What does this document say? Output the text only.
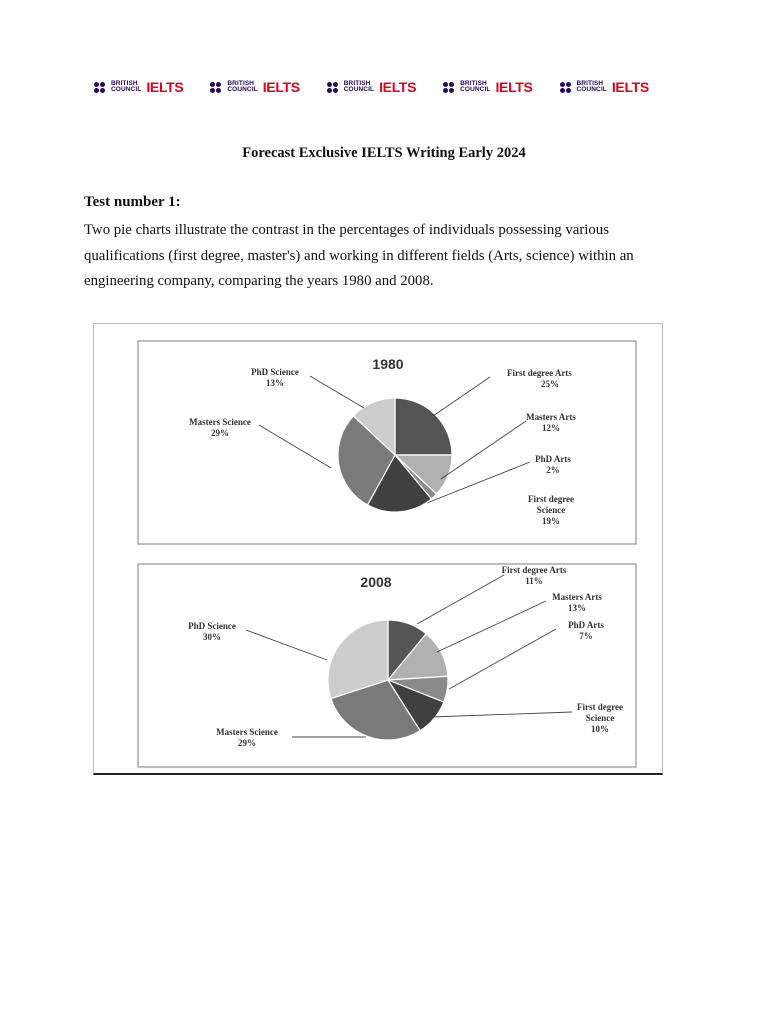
BRITISH
COUNCIL IELTS	BRITISH
COUNCIL IELTS	BRITISH
COUNCIL IELTS	BRITISH
COUNCIL IELTS	BRITISH
COUNCIL IELTS
Forecast Exclusive IELTS Writing Early 2024
Test number 1:

Two pie charts illustrate the contrast in the percentages of individuals possessing various qualifications (first degree, master's) and working in different fields (Arts, science) within an engineering company, comparing the years 1980 and 2008.

1980
First degree Arts 25%
Masters Arts 12%
PhD Arts 2%
First degree Science 19%
Masters Science 29%
PhD Science 13%
2008
First degree Arts 11%
Masters Arts 13%
PhD Arts 7%
First degree Science 10%
Masters Science 29%
PhD Science 30%
